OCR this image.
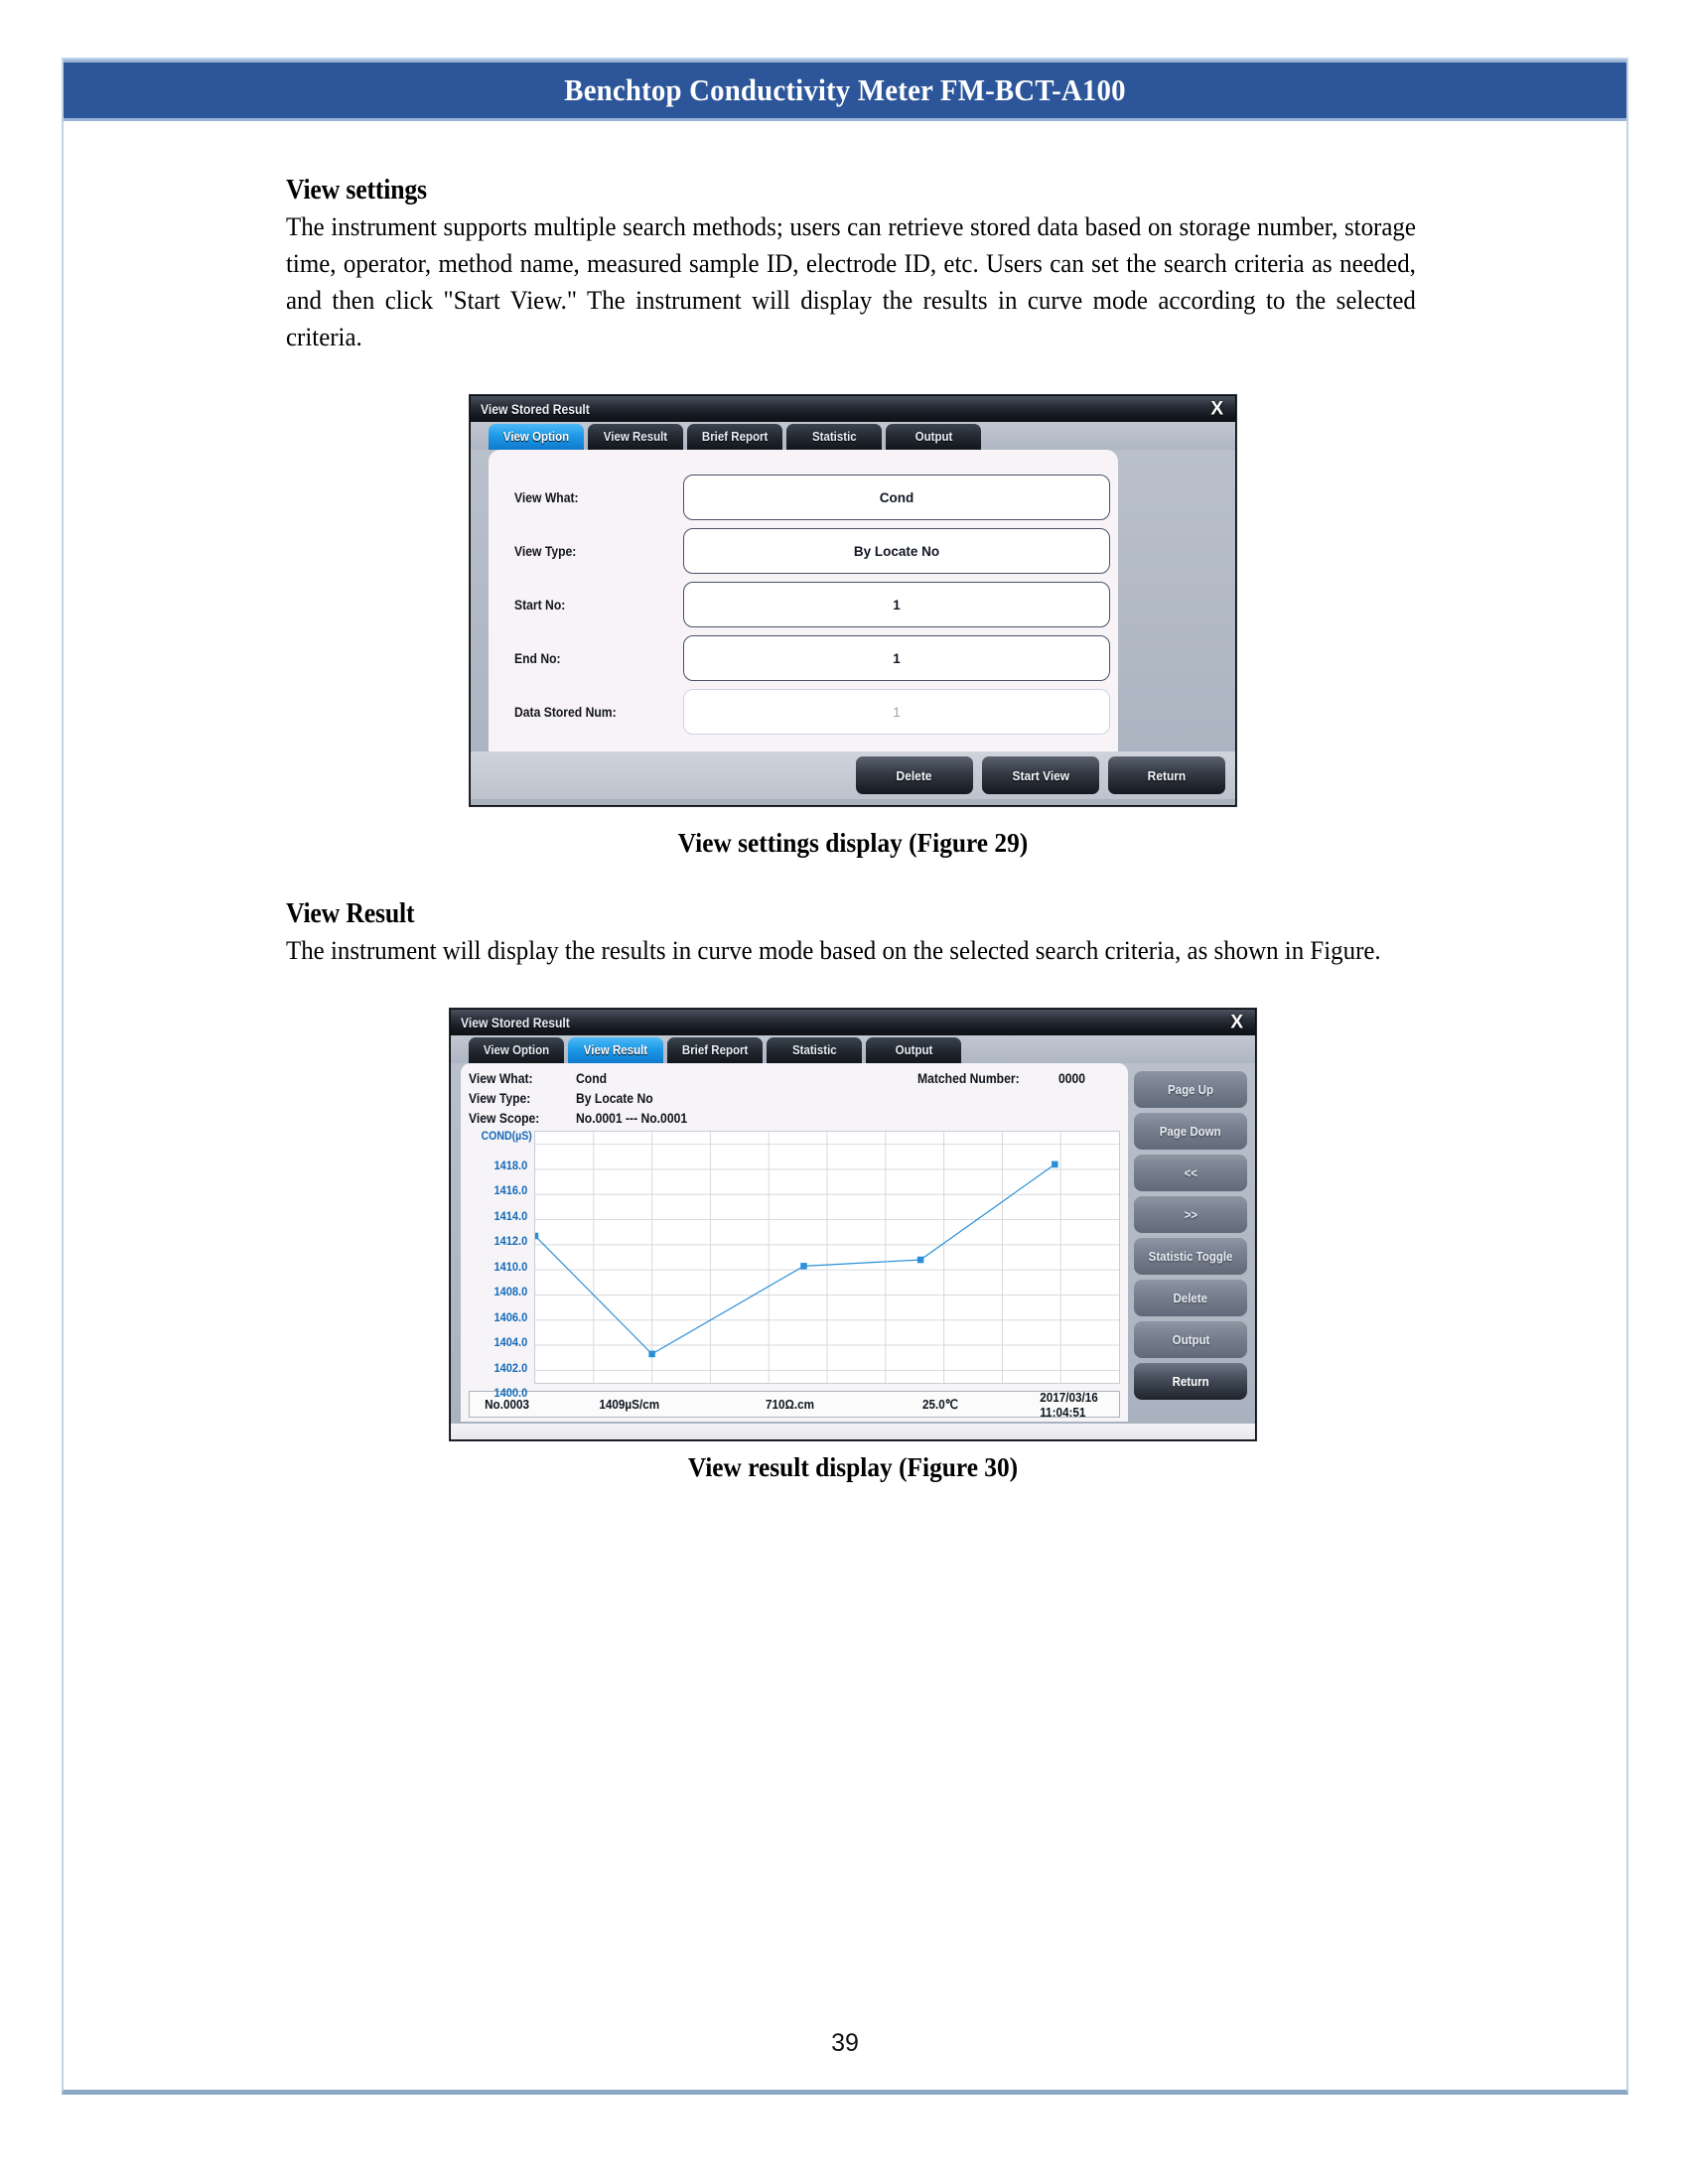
Benchtop Conductivity Meter FM-BCT-A100
View settings

The instrument supports multiple search methods; users can retrieve stored data based on storage number, storage time, operator, method name, measured sample ID, electrode ID, etc. Users can set the search criteria as needed, and then click "Start View." The instrument will display the results in curve mode according to the selected criteria.

View Stored Result	X
View Option	View Result	Brief Report	Statistic	Output
View What:	Cond
View Type:	By Locate No
Start No:	1
End No:	1
Data Stored Num:	1
Delete	Start View	Return
View settings display (Figure 29)
View Result

The instrument will display the results in curve mode based on the selected search criteria, as shown in Figure.

View Stored Result	X
View Option	View Result	Brief Report	Statistic	Output
View What:	Cond	Matched Number:	0000
View Type:	By Locate No
View Scope:	No.0001 --- No.0001
COND(µS)
1418.0
1416.0
1414.0
1412.0
1410.0
1408.0
1406.0
1404.0
1402.0
1400.0
No.0003	1409µS/cm	710Ω.cm	25.0℃	2017/03/16 11:04:51
Page Up
Page Down
<<
>>
Statistic Toggle
Delete
Output
Return
View result display (Figure 30)
39
